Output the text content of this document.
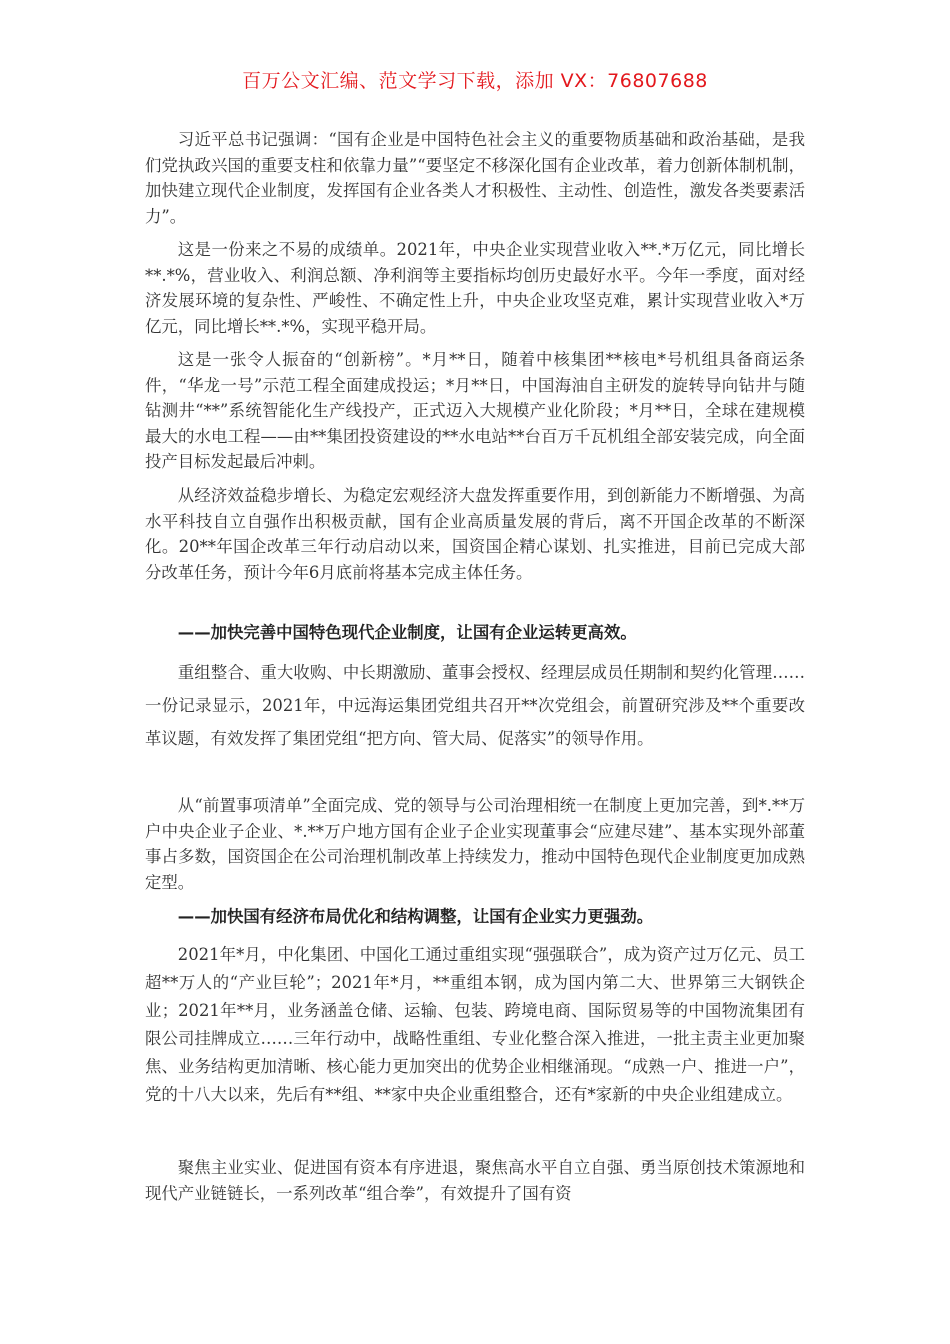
百万公文汇编、范文学习下载，添加 VX：76807688

习近平总书记强调：“国有企业是中国特色社会主义的重要物质基础和政治基础，是我们党执政兴国的重要支柱和依靠力量”“要坚定不移深化国有企业改革，着力创新体制机制，加快建立现代企业制度，发挥国有企业各类人才积极性、主动性、创造性，激发各类要素活力”。

这是一份来之不易的成绩单。2021年，中央企业实现营业收入**.*万亿元，同比增长**.*%，营业收入、利润总额、净利润等主要指标均创历史最好水平。今年一季度，面对经济发展环境的复杂性、严峻性、不确定性上升，中央企业攻坚克难，累计实现营业收入*万亿元，同比增长**.*%，实现平稳开局。

这是一张令人振奋的“创新榜”。*月**日，随着中核集团**核电*号机组具备商运条件，“华龙一号”示范工程全面建成投运；*月**日，中国海油自主研发的旋转导向钻井与随钻测井“**”系统智能化生产线投产，正式迈入大规模产业化阶段；*月**日，全球在建规模最大的水电工程——由**集团投资建设的**水电站**台百万千瓦机组全部安装完成，向全面投产目标发起最后冲刺。

从经济效益稳步增长、为稳定宏观经济大盘发挥重要作用，到创新能力不断增强、为高水平科技自立自强作出积极贡献，国有企业高质量发展的背后，离不开国企改革的不断深化。20**年国企改革三年行动启动以来，国资国企精心谋划、扎实推进，目前已完成大部分改革任务，预计今年6月底前将基本完成主体任务。

——加快完善中国特色现代企业制度，让国有企业运转更高效。

重组整合、重大收购、中长期激励、董事会授权、经理层成员任期制和契约化管理……一份记录显示，2021年，中远海运集团党组共召开**次党组会，前置研究涉及**个重要改革议题，有效发挥了集团党组“把方向、管大局、促落实”的领导作用。

从“前置事项清单”全面完成、党的领导与公司治理相统一在制度上更加完善，到*.**万户中央企业子企业、*.**万户地方国有企业子企业实现董事会“应建尽建”、基本实现外部董事占多数，国资国企在公司治理机制改革上持续发力，推动中国特色现代企业制度更加成熟定型。

——加快国有经济布局优化和结构调整，让国有企业实力更强劲。

2021年*月，中化集团、中国化工通过重组实现“强强联合”，成为资产过万亿元、员工超**万人的“产业巨轮”；2021年*月，**重组本钢，成为国内第二大、世界第三大钢铁企业；2021年**月，业务涵盖仓储、运输、包装、跨境电商、国际贸易等的中国物流集团有限公司挂牌成立……三年行动中，战略性重组、专业化整合深入推进，一批主责主业更加聚焦、业务结构更加清晰、核心能力更加突出的优势企业相继涌现。“成熟一户、推进一户”，党的十八大以来，先后有**组、**家中央企业重组整合，还有*家新的中央企业组建成立。

聚焦主业实业、促进国有资本有序进退，聚焦高水平自立自强、勇当原创技术策源地和现代产业链链长，一系列改革“组合拳”，有效提升了国有资
